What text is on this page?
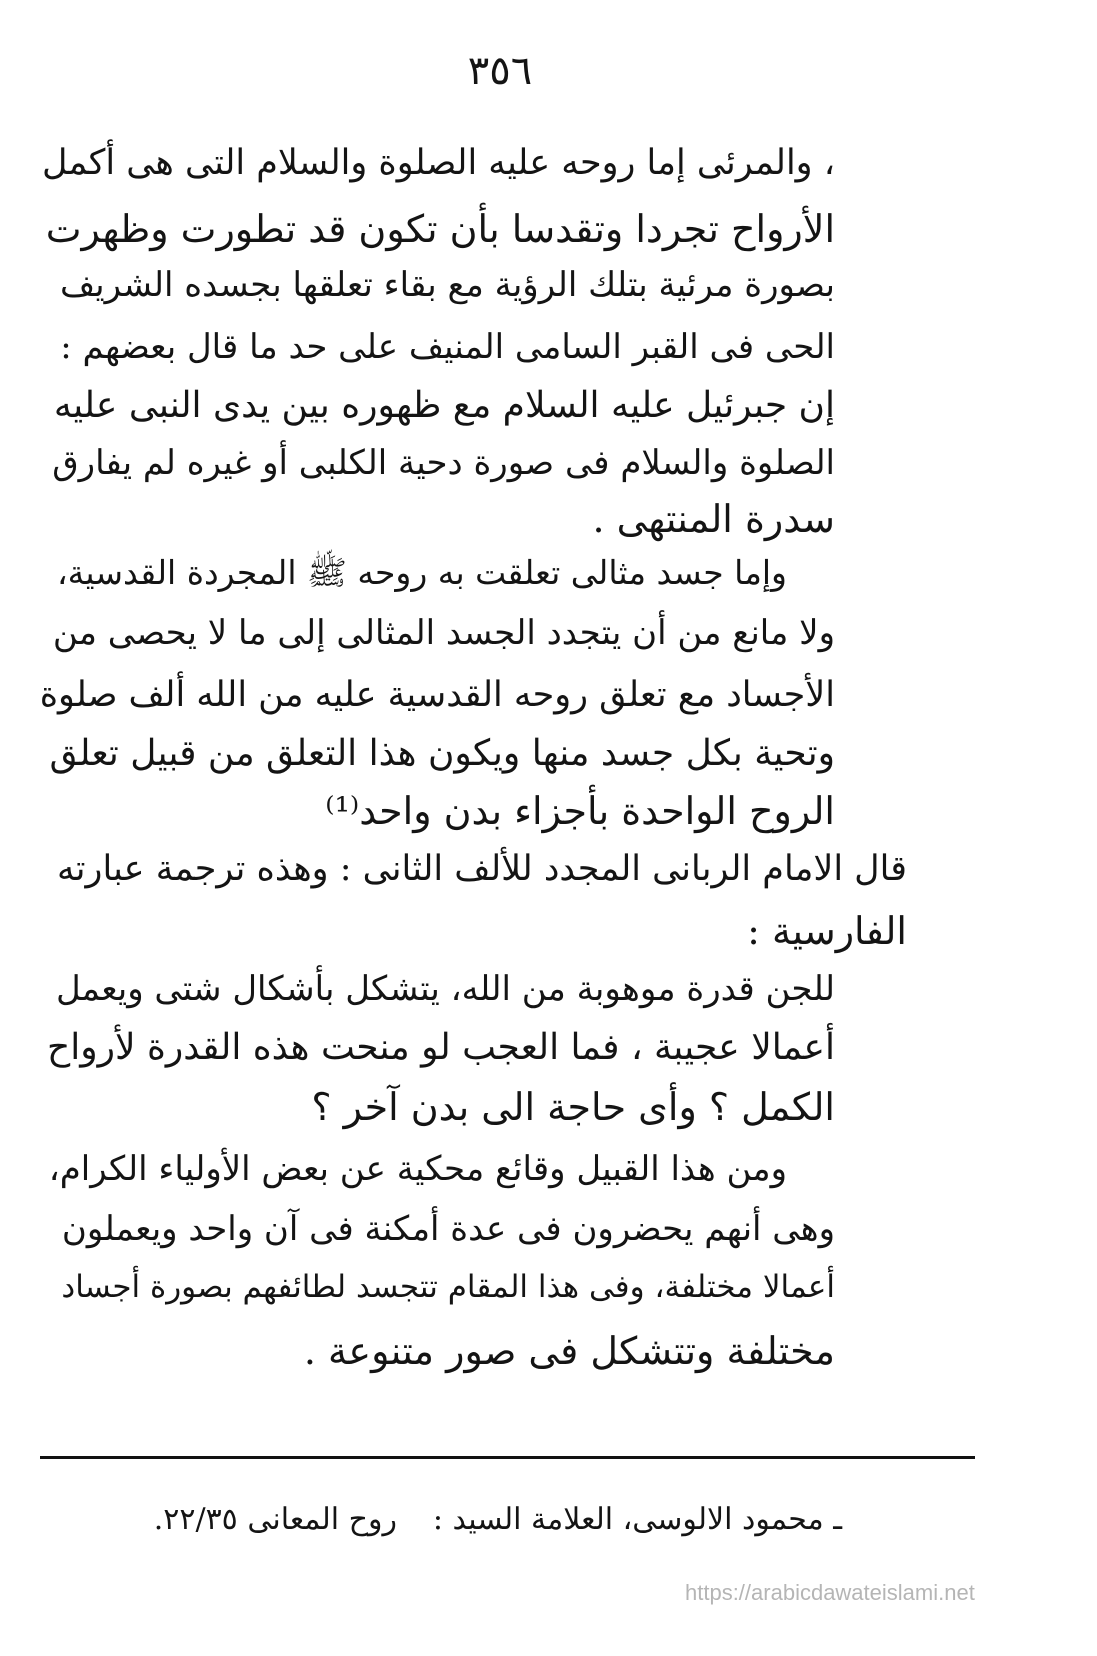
٣٥٦
، والمرئى إما روحه عليه الصلوة والسلام التى هى أكمل
الأرواح تجردا وتقدسا بأن تكون قد تطورت وظهرت
بصورة مرئية بتلك الرؤية مع بقاء تعلقها بجسده الشريف
الحى فى القبر السامى المنيف على حد ما قال بعضهم :
إن جبرئيل عليه السلام مع ظهوره بين يدى النبى عليه
الصلوة والسلام فى صورة دحية الكلبى أو غيره لم يفارق
سدرة المنتهى .
وإما جسد مثالى تعلقت به روحه ﷺ المجردة القدسية،
ولا مانع من أن يتجدد الجسد المثالى إلى ما لا يحصى من
الأجساد مع تعلق روحه القدسية عليه من الله ألف صلوة
وتحية بكل جسد منها ويكون هذا التعلق من قبيل تعلق
الروح الواحدة بأجزاء بدن واحد⁽¹⁾
قال الامام الربانى المجدد للألف الثانى : وهذه ترجمة عبارته
الفارسية :
للجن قدرة موهوبة من الله، يتشكل بأشكال شتى ويعمل
أعمالا عجيبة ، فما العجب لو منحت هذه القدرة لأرواح
الكمل ؟ وأى حاجة الى بدن آخر ؟
ومن هذا القبيل وقائع محكية عن بعض الأولياء الكرام،
وهى أنهم يحضرون فى عدة أمكنة فى آن واحد ويعملون
أعمالا مختلفة، وفى هذا المقام تتجسد لطائفهم بصورة أجساد
مختلفة وتتشكل فى صور متنوعة .
ـ محمود الالوسى، العلامة السيد :
روح المعانى ٢٢/٣٥.
https://arabicdawateislami.net
